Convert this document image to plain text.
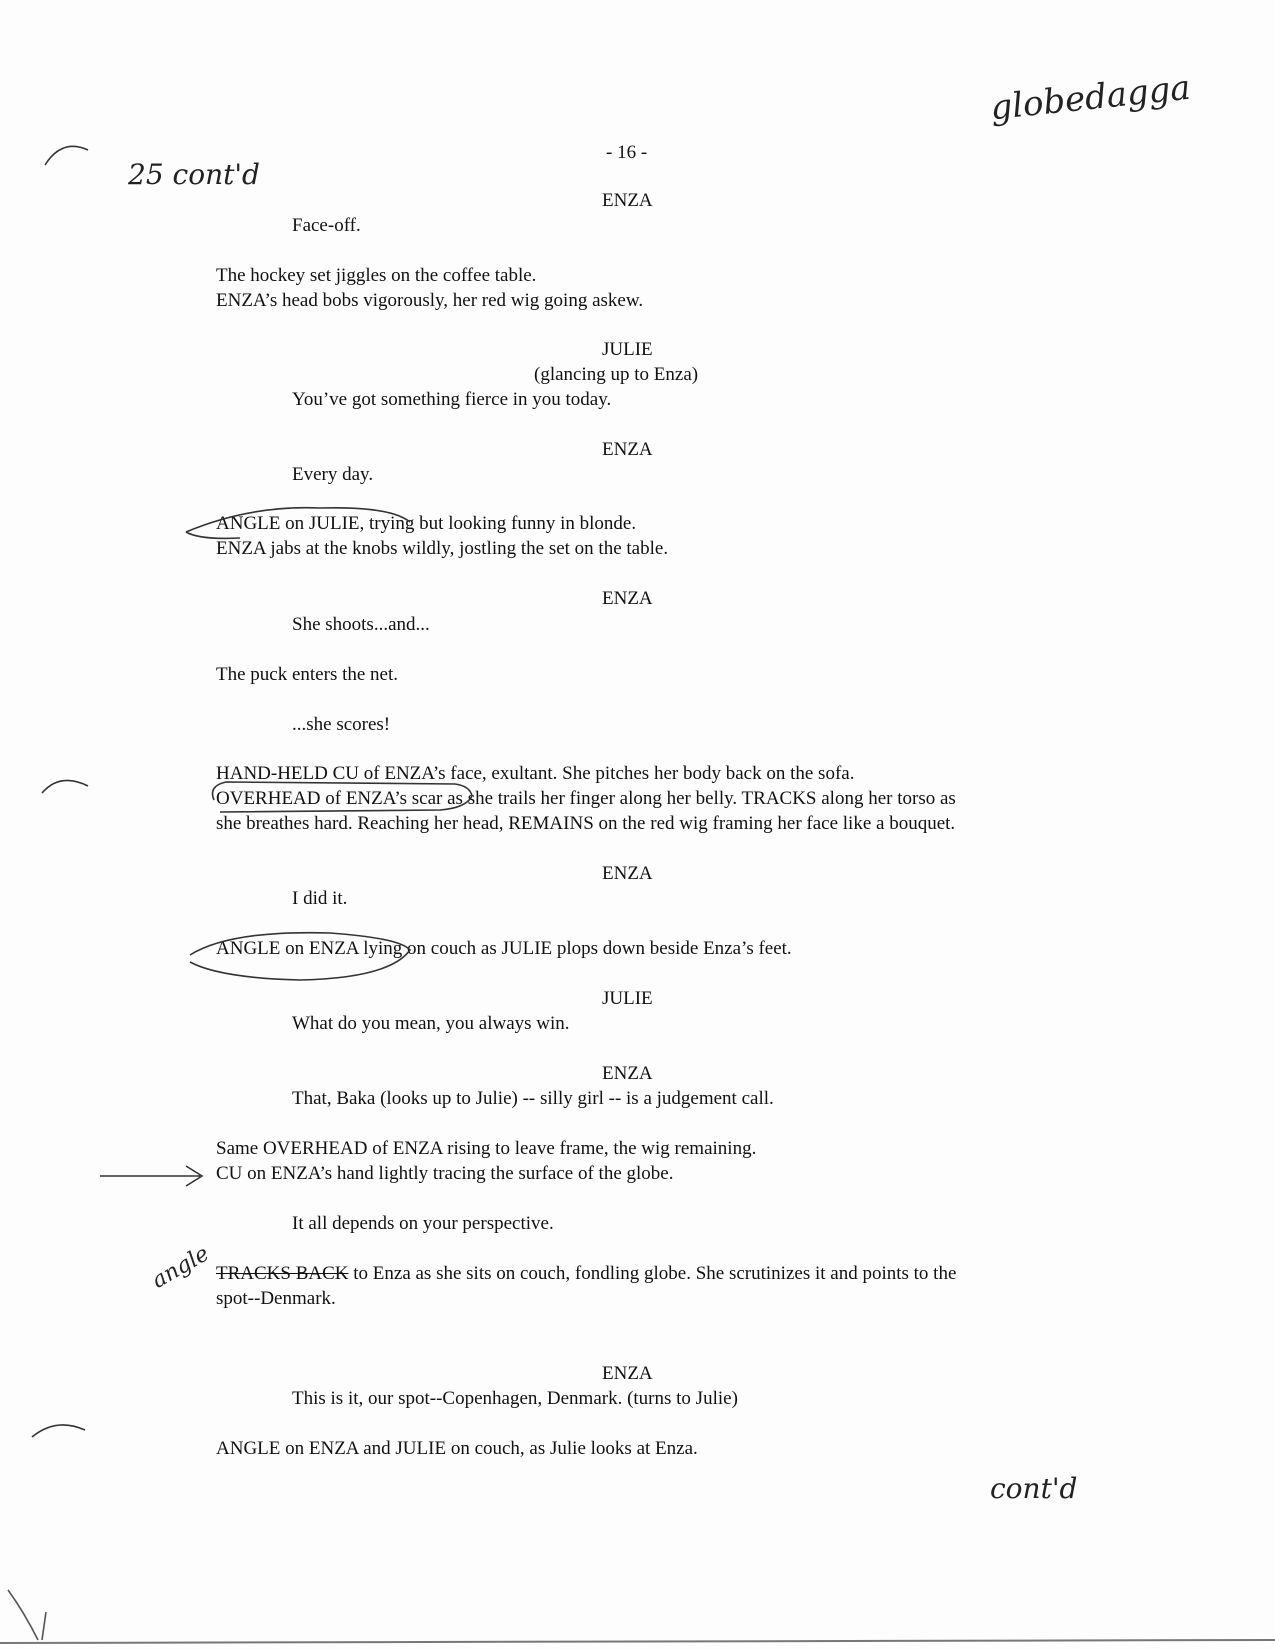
globedagga
25 cont'd
angle
cont'd
- 16 -
ENZA
Face-off.
The hockey set jiggles on the coffee table.
ENZA’s head bobs vigorously, her red wig going askew.
JULIE
(glancing up to Enza)
You’ve got something fierce in you today.
ENZA
Every day.
ANGLE on JULIE, trying but looking funny in blonde.
ENZA jabs at the knobs wildly, jostling the set on the table.
ENZA
She shoots...and...
The puck enters the net.
...she scores!
HAND-HELD CU of ENZA’s face, exultant. She pitches her body back on the sofa.
OVERHEAD of ENZA’s scar as she trails her finger along her belly. TRACKS along her torso as
she breathes hard. Reaching her head, REMAINS on the red wig framing her face like a bouquet.
ENZA
I did it.
ANGLE on ENZA lying on couch as JULIE plops down beside Enza’s feet.
JULIE
What do you mean, you always win.
ENZA
That, Baka (looks up to Julie) -- silly girl -- is a judgement call.
Same OVERHEAD of ENZA rising to leave frame, the wig remaining.
CU on ENZA’s hand lightly tracing the surface of the globe.
It all depends on your perspective.
TRACKS BACK to Enza as she sits on couch, fondling globe. She scrutinizes it and points to the
spot--Denmark.
ENZA
This is it, our spot--Copenhagen, Denmark. (turns to Julie)
ANGLE on ENZA and JULIE on couch, as Julie looks at Enza.
